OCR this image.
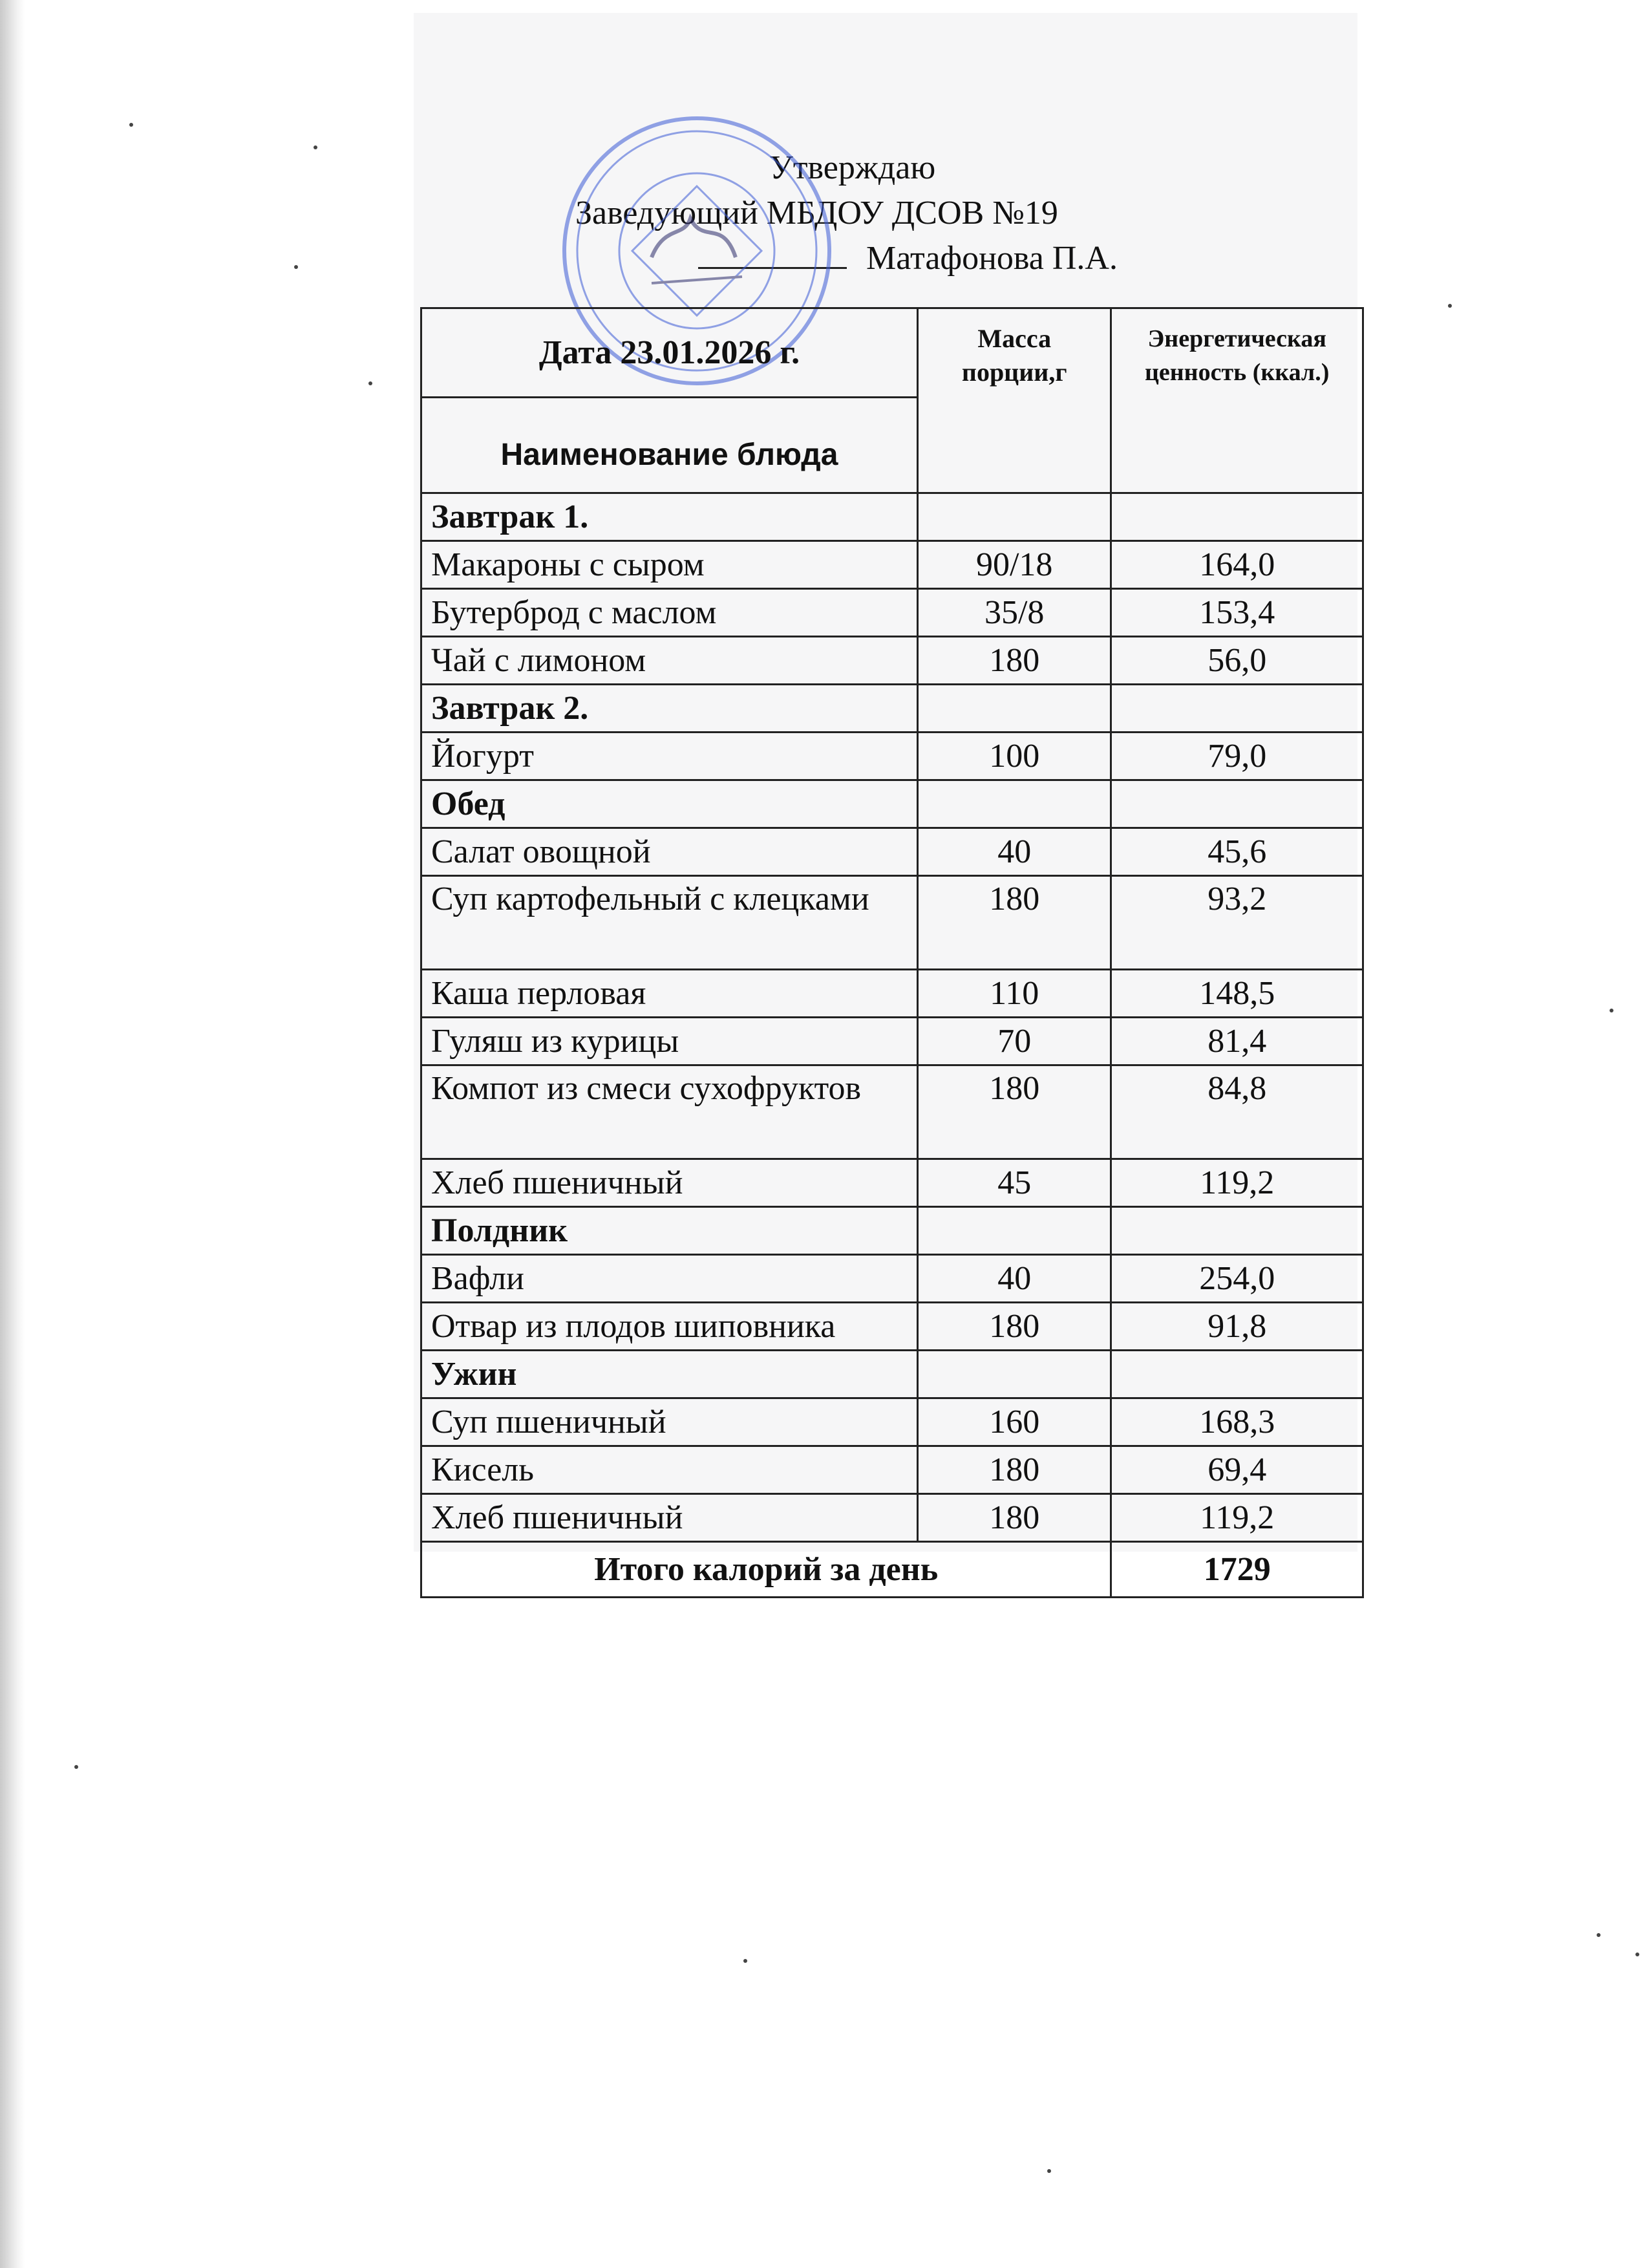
Утверждаю
Заведующий МБДОУ ДСОВ №19
Матафонова П.А.
Дата 23.01.2026 г.	Масса порции,г	Энергетическая ценность (ккал.)
Наименование блюда		
Завтрак 1.		
Макароны с сыром	90/18	164,0
Бутерброд с маслом	35/8	153,4
Чай с лимоном	180	56,0
Завтрак 2.		
Йогурт	100	79,0
Обед		
Салат овощной	40	45,6
Суп картофельный с клецками	180	93,2
Каша перловая	110	148,5
Гуляш из курицы	70	81,4
Компот из смеси сухофруктов	180	84,8
Хлеб пшеничный	45	119,2
Полдник		
Вафли	40	254,0
Отвар из плодов шиповника	180	91,8
Ужин		
Суп пшеничный	160	168,3
Кисель	180	69,4
Хлеб пшеничный	180	119,2
Итого калорий за день		1729
